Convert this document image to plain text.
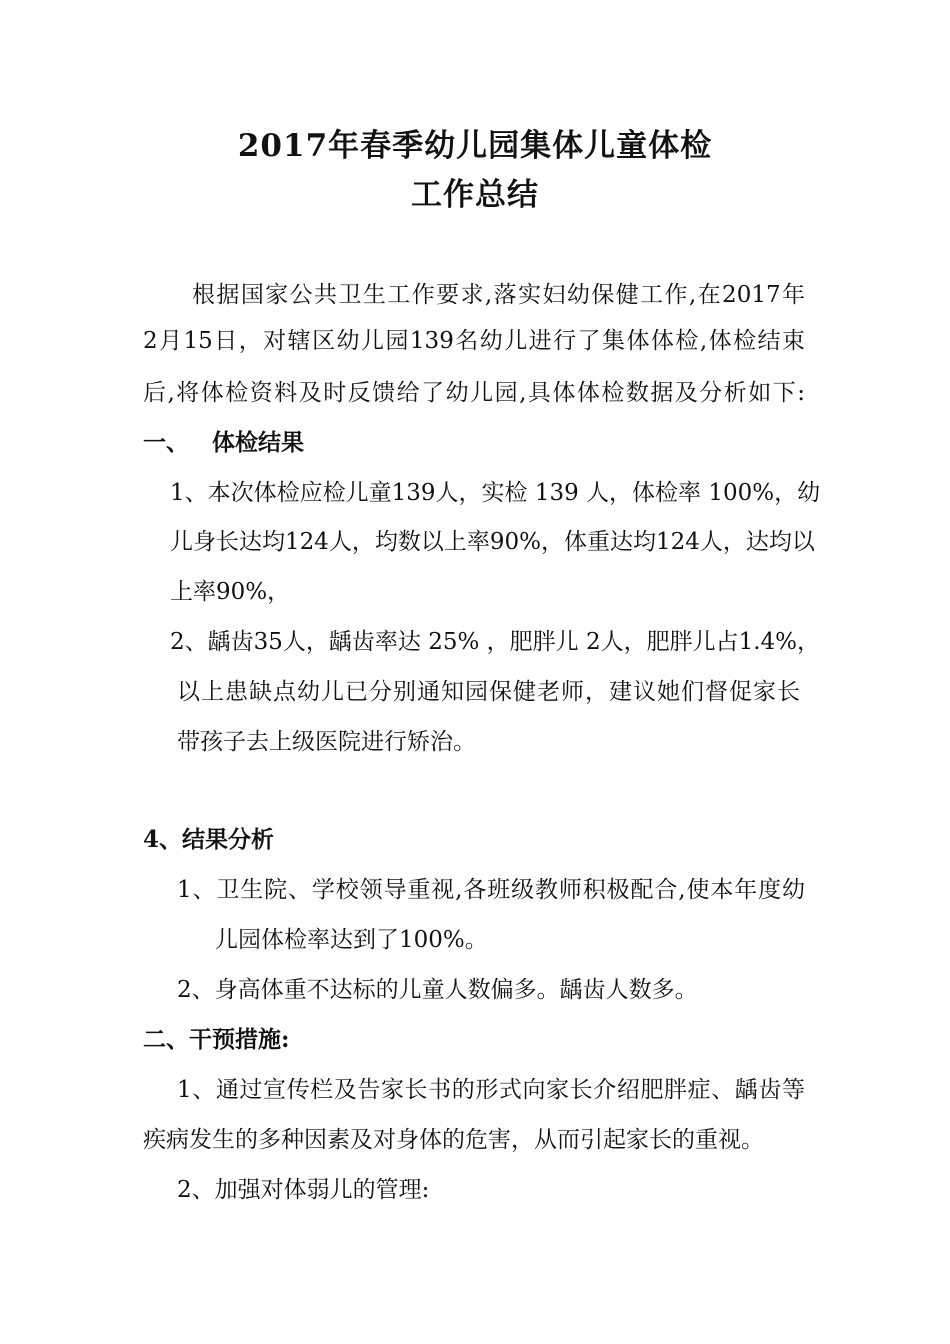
2017年春季幼儿园集体儿童体检
工作总结
根据国家公共卫生工作要求,落实妇幼保健工作,在2017年
2月15日，对辖区幼儿园139名幼儿进行了集体体检,体检结束
后,将体检资料及时反馈给了幼儿园,具体体检数据及分析如下:
一、 体检结果
1、本次体检应检儿童139人，实检 139 人，体检率 100%，幼
儿身长达均124人，均数以上率90%，体重达均124人，达均以
上率90%，
2、龋齿35人，龋齿率达 25% ，肥胖儿 2人，肥胖儿占1.4%，
以上患缺点幼儿已分别通知园保健老师，建议她们督促家长
带孩子去上级医院进行矫治。
4、结果分析
1、卫生院、学校领导重视,各班级教师积极配合,使本年度幼
儿园体检率达到了100%。
2、身高体重不达标的儿童人数偏多。龋齿人数多。
二、干预措施:
1、通过宣传栏及告家长书的形式向家长介绍肥胖症、龋齿等
疾病发生的多种因素及对身体的危害，从而引起家长的重视。
2、加强对体弱儿的管理:
